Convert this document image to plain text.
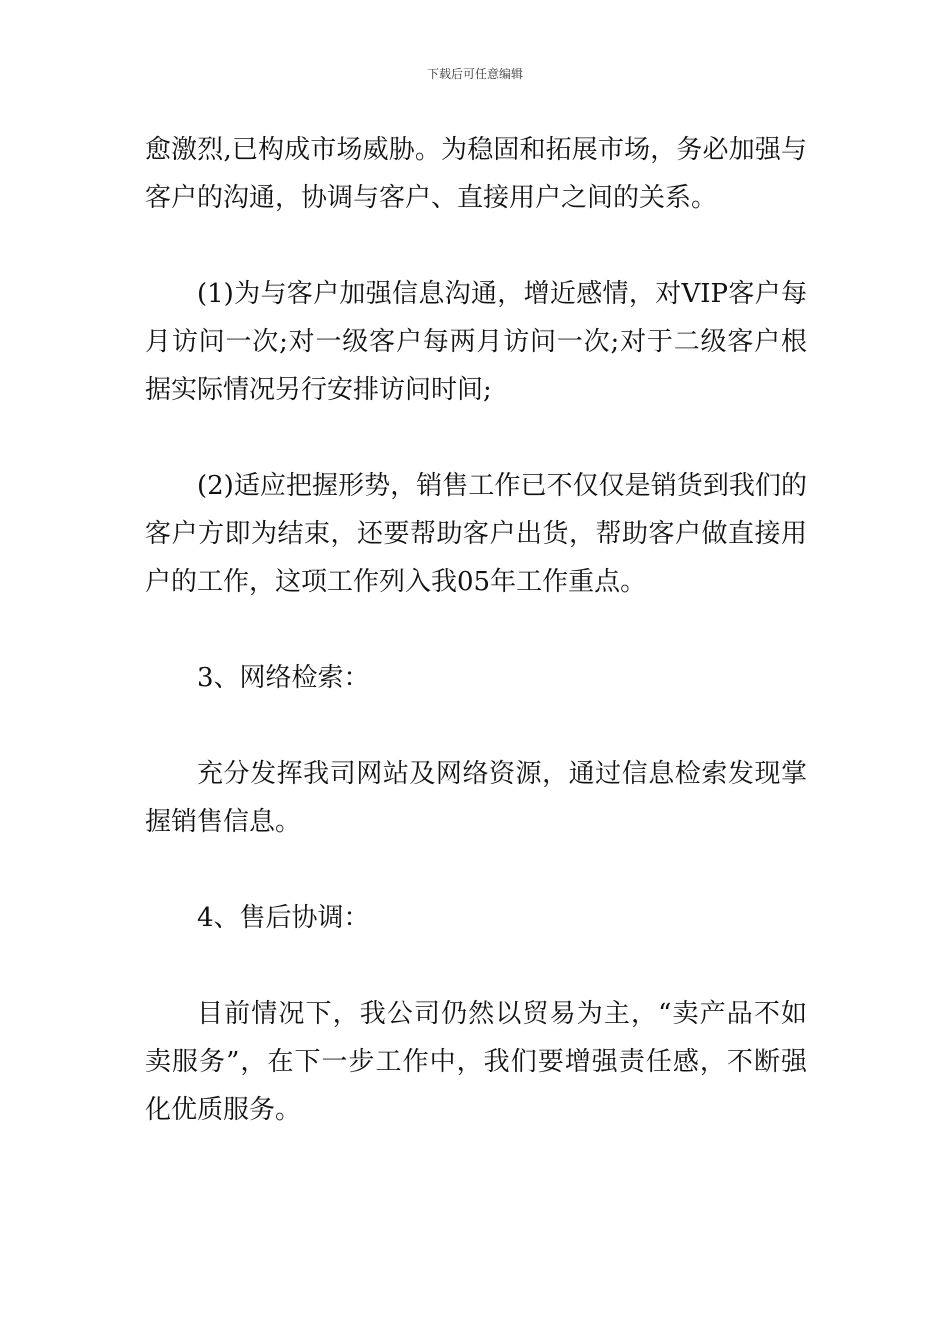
下载后可任意编辑

愈激烈,已构成市场威胁。为稳固和拓展市场，务必加强与客户的沟通，协调与客户、直接用户之间的关系。

(1)为与客户加强信息沟通，增近感情，对VIP客户每月访问一次;对一级客户每两月访问一次;对于二级客户根据实际情况另行安排访问时间;

(2)适应把握形势，销售工作已不仅仅是销货到我们的客户方即为结束，还要帮助客户出货，帮助客户做直接用户的工作，这项工作列入我05年工作重点。

3、网络检索：

充分发挥我司网站及网络资源，通过信息检索发现掌握销售信息。

4、售后协调：

目前情况下，我公司仍然以贸易为主，“卖产品不如卖服务”，在下一步工作中，我们要增强责任感，不断强化优质服务。
